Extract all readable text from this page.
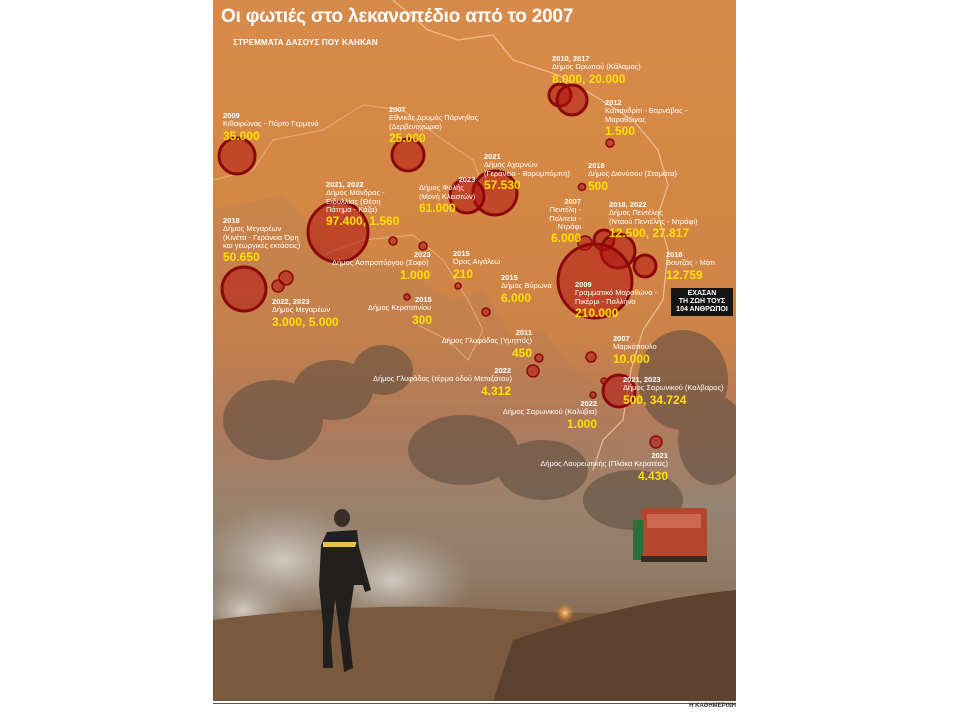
Οι φωτιές στο λεκανοπέδιο από το 2007
ΣΤΡΕΜΜΑΤΑ ΔΑΣΟΥΣ ΠΟΥ ΚΑΗΚΑΝ
2010, 2017
Δήμος Ωρωπού (Κάλαμος)
8.000, 20.000
2012
Καπανδρίτι - Βαρνάβας -
Μαραθώνας
1.500
2009
Κιθαιρώνας - Πόρτο Γερμενό
35.000
2007
Εθνικός Δρυμός Πάρνηθας
(Δερβενοχώρια)
25.000
2021
Δήμος Αχαρνών
(Γεράνεια - Βαρυμπόμπη)
57.530
2018
Δήμος Διονύσου (Σταμάτα)
500
2023
Δήμος Φυλής
(Μονή Κλειστών)
61.000
2021, 2022
Δήμος Μάνδρας -
Ειδυλλίας (Θέση
Πάτημα - Κάζα)
97.400, 1.560
2018
Δήμος Μεγαρέων
(Κινέτα - Γεράνεια Όρη
και γεωργικές εκτάσεις)
50.650	2023
Δήμος Ασπροπύργου (Σοφό)
1.000
2015
Όρος Αιγάλεω
210
2022, 2023
Δήμος Μεγαρέων
3.000, 5.000
2015
Δήμος Κερατσινίου
300
2007
Πεντέλη -
Πολιτεία -
Ντράφι
6.000
2018, 2022
Δήμος Πεντέλης
(Νταού Πεντέλης - Ντράφι)
12.500, 27.817
2018
Βουτζάς - Μάτι
12.759
ΕΧΑΣΑΝ
ΤΗ ΖΩΗ ΤΟΥΣ
104 ΑΝΘΡΩΠΟΙ
2015
Δήμος Βύρωνα
6.000
2009
Γραμματικό Μαραθώνα -
Πικέρμι - Παλλήνα
210.000
2011
Δήμος Γλυφάδας (Υμηττός)
450
2007
Μαρκόπουλο
10.000
2022
Δήμος Γλυφάδας (τέρμα οδού Μεταξάτου)
4.312
2021, 2023
Δήμος Σαρωνικού (Καλβαρος)
500, 34.724
2022
Δήμος Σαρωνικού (Καλύβια)
1.000
2021
Δήμος Λαυρεωτικής (Πλάκα Κερατέας)
4.430
Η ΚΑΘΗΜΕΡΙΝΗ
